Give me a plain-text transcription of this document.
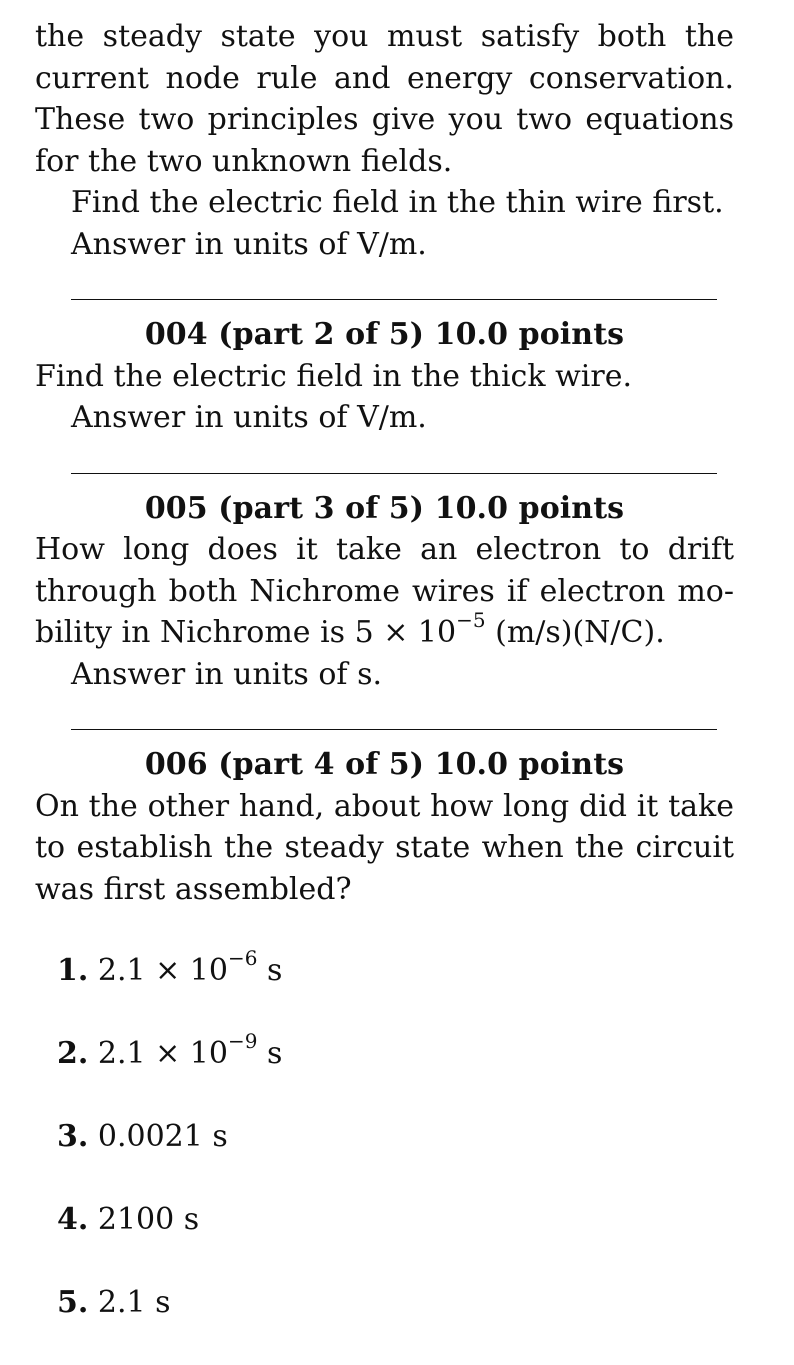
the steady state you must satisfy both the current node rule and energy conservation. These two principles give you two equations for the two unknown fields.
Find the electric field in the thin wire first.
Answer in units of V/m.
004 (part 2 of 5) 10.0 points
Find the electric field in the thick wire.
Answer in units of V/m.
005 (part 3 of 5) 10.0 points
How long does it take an electron to drift through both Nichrome wires if electron mo-bility in Nichrome is $5 \times 10^{-5}$ (m/s)(N/C).
Answer in units of s.
006 (part 4 of 5) 10.0 points
On the other hand, about how long did it take to establish the steady state when the circuit was first assembled?
1. $2.1 \times 10^{-6}$ s
2. $2.1 \times 10^{-9}$ s
3. 0.0021 s
4. 2100 s
5. 2.1 s
